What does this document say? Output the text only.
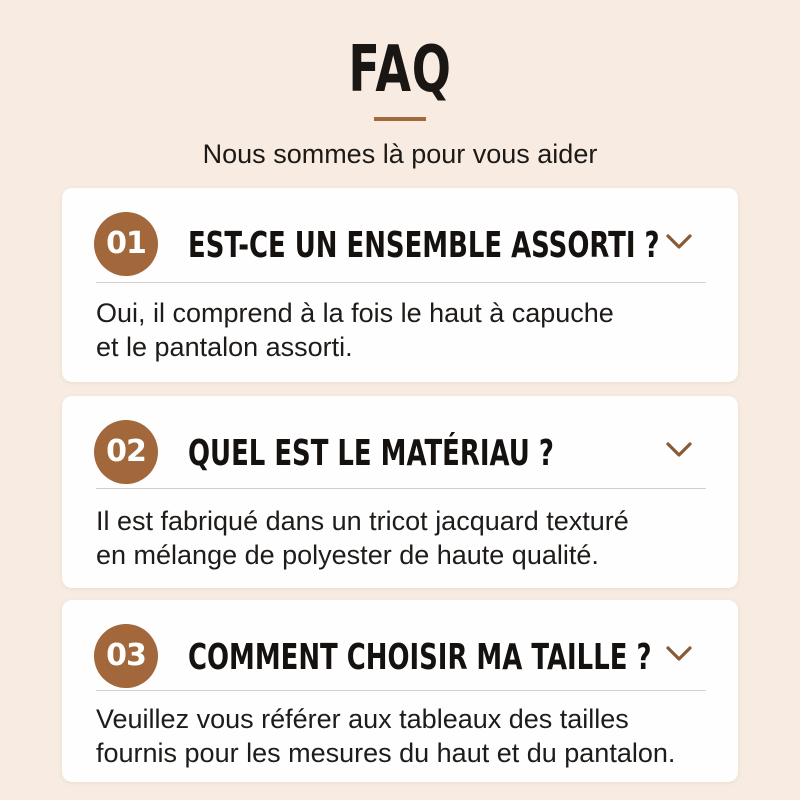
FAQ
Nous sommes là pour vous aider
01	EST-CE UN ENSEMBLE ASSORTI ?
Oui, il comprend à la fois le haut à capuche
et le pantalon assorti.
02	QUEL EST LE MATÉRIAU ?
Il est fabriqué dans un tricot jacquard texturé
en mélange de polyester de haute qualité.
03	COMMENT CHOISIR MA TAILLE ?
Veuillez vous référer aux tableaux des tailles
fournis pour les mesures du haut et du pantalon.
